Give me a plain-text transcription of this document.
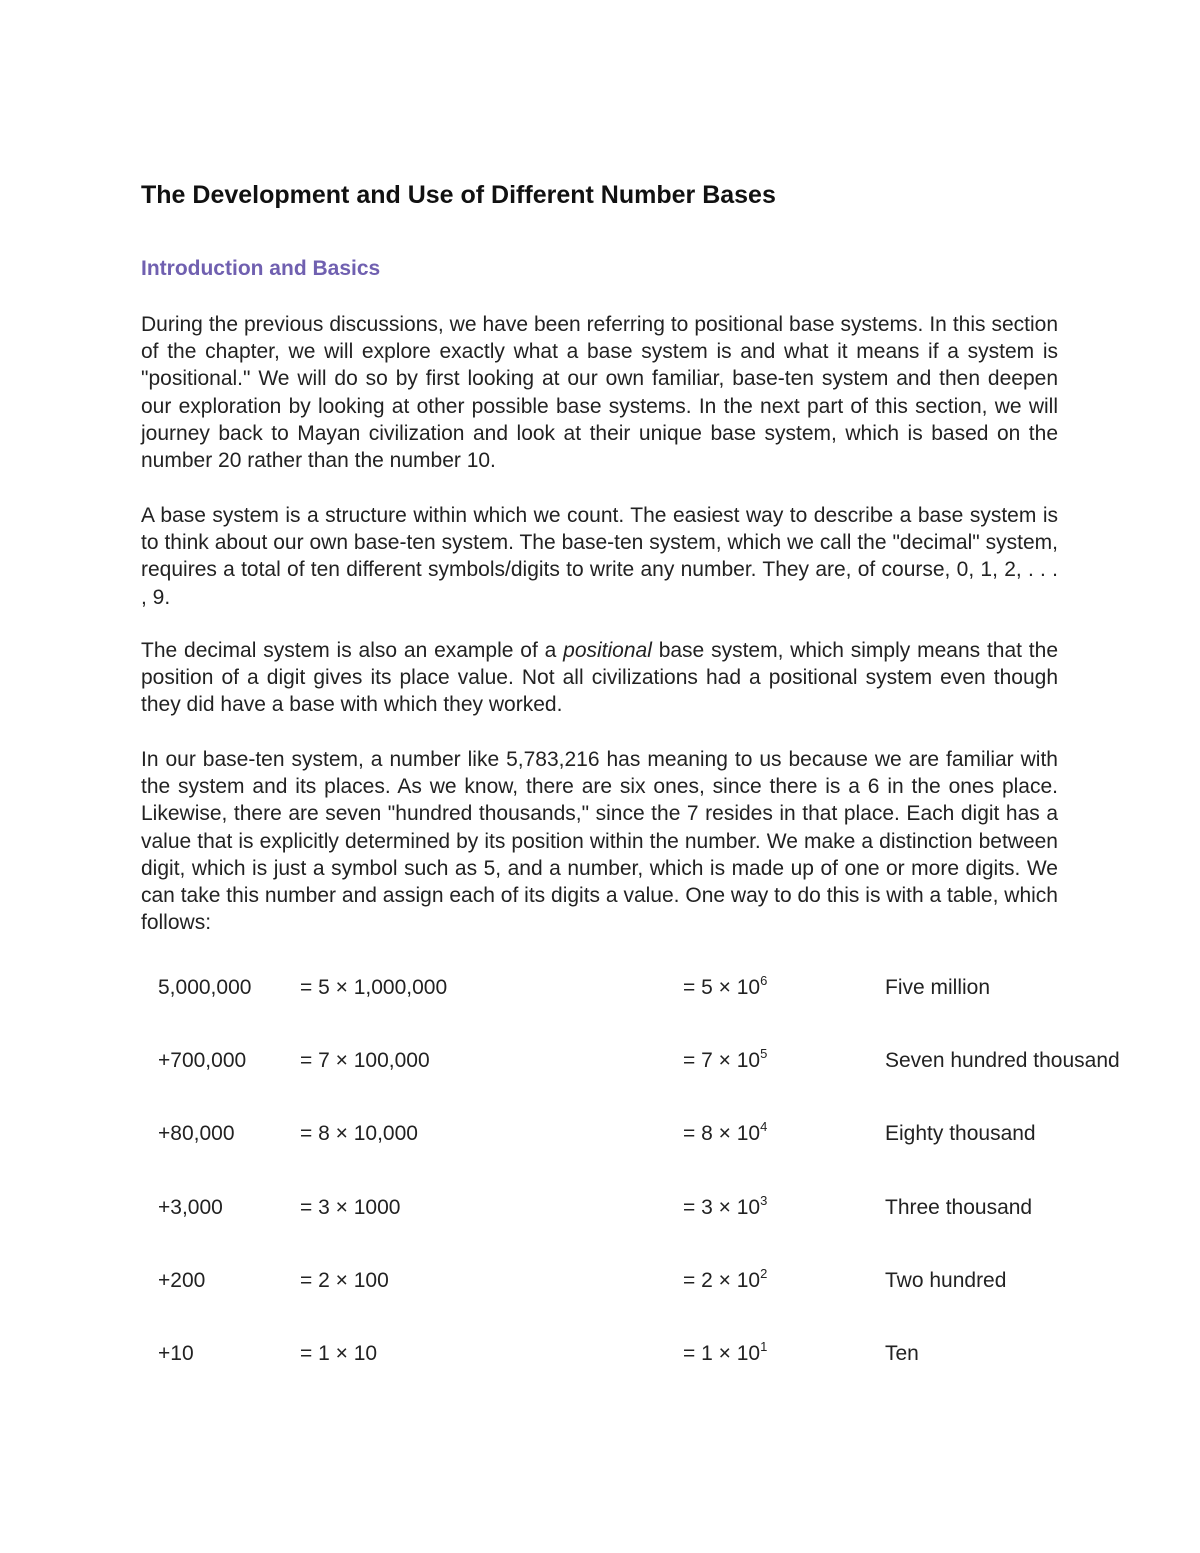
The Development and Use of Different Number Bases
Introduction and Basics

During the previous discussions, we have been referring to positional base systems. In this section of the chapter, we will explore exactly what a base system is and what it means if a system is "positional." We will do so by first looking at our own familiar, base-ten system and then deepen our exploration by looking at other possible base systems. In the next part of this section, we will journey back to Mayan civilization and look at their unique base system, which is based on the number 20 rather than the number 10.

A base system is a structure within which we count. The easiest way to describe a base system is to think about our own base-ten system. The base-ten system, which we call the "decimal" system, requires a total of ten different symbols/digits to write any number. They are, of course, 0, 1, 2, . . . , 9.

The decimal system is also an example of a positional base system, which simply means that the position of a digit gives its place value. Not all civilizations had a positional system even though they did have a base with which they worked.

In our base-ten system, a number like 5,783,216 has meaning to us because we are familiar with the system and its places. As we know, there are six ones, since there is a 6 in the ones place. Likewise, there are seven "hundred thousands," since the 7 resides in that place. Each digit has a value that is explicitly determined by its position within the number. We make a distinction between digit, which is just a symbol such as 5, and a number, which is made up of one or more digits. We can take this number and assign each of its digits a value. One way to do this is with a table, which follows:

5,000,000 = 5 × 1,000,000	= $5 \times 10^6$	Five million
+700,000	= 7 × 100,000	= $7 \times 10^5$	Seven hundred thousand
+80,000	= 8 × 10,000	= $8 \times 10^4$	Eighty thousand
+3,000	= 3 × 1000	= $3 \times 10^3$	Three thousand
+200	= 2 × 100	= $2 \times 10^2$	Two hundred
+10	= 1 × 10	= $1 \times 10^1$	Ten
